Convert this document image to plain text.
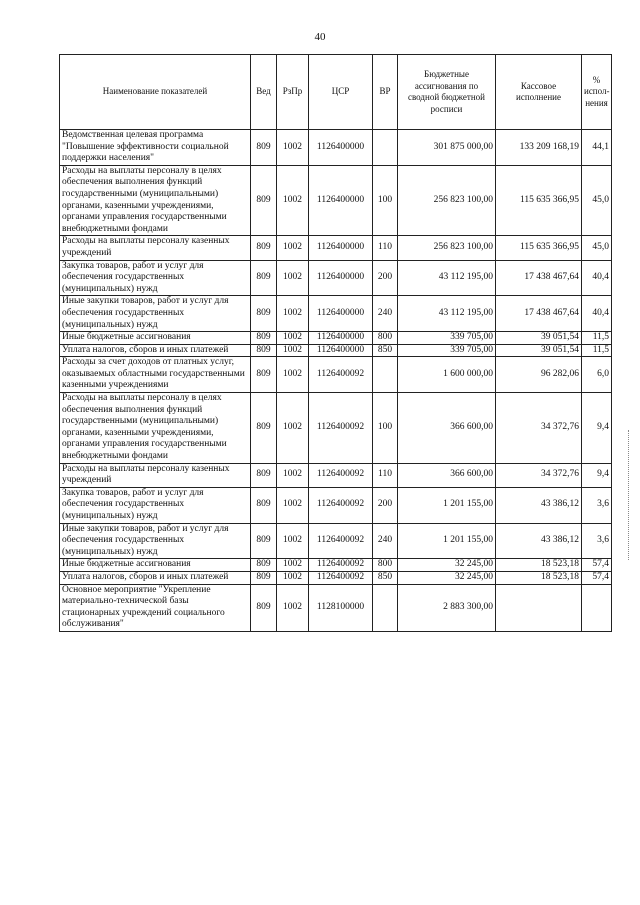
40
Наименование показателей	Вед	РзПр	ЦСР	ВР	Бюджетные ассигнования по сводной бюджетной росписи	Кассовое исполнение	% испол-нения
Ведомственная целевая программа "Повышение эффективности социальной поддержки населения"	809	1002	1126400000		301 875 000,00	133 209 168,19	44,1
Расходы на выплаты персоналу в целях обеспечения выполнения функций государственными (муниципальными) органами, казенными учреждениями, органами управления государственными внебюджетными фондами	809	1002	1126400000	100	256 823 100,00	115 635 366,95	45,0
Расходы на выплаты персоналу казенных учреждений	809	1002	1126400000	110	256 823 100,00	115 635 366,95	45,0
Закупка товаров, работ и услуг для обеспечения государственных (муниципальных) нужд	809	1002	1126400000	200	43 112 195,00	17 438 467,64	40,4
Иные закупки товаров, работ и услуг для обеспечения государственных (муниципальных) нужд	809	1002	1126400000	240	43 112 195,00	17 438 467,64	40,4
Иные бюджетные ассигнования	809	1002	1126400000	800	339 705,00	39 051,54	11,5
Уплата налогов, сборов и иных платежей	809	1002	1126400000	850	339 705,00	39 051,54	11,5
Расходы за счет доходов от платных услуг, оказываемых областными государственными казенными учреждениями	809	1002	1126400092		1 600 000,00	96 282,06	6,0
Расходы на выплаты персоналу в целях обеспечения выполнения функций государственными (муниципальными) органами, казенными учреждениями, органами управления государственными внебюджетными фондами	809	1002	1126400092	100	366 600,00	34 372,76	9,4
Расходы на выплаты персоналу казенных учреждений	809	1002	1126400092	110	366 600,00	34 372,76	9,4
Закупка товаров, работ и услуг для обеспечения государственных (муниципальных) нужд	809	1002	1126400092	200	1 201 155,00	43 386,12	3,6
Иные закупки товаров, работ и услуг для обеспечения государственных (муниципальных) нужд	809	1002	1126400092	240	1 201 155,00	43 386,12	3,6
Иные бюджетные ассигнования	809	1002	1126400092	800	32 245,00	18 523,18	57,4
Уплата налогов, сборов и иных платежей	809	1002	1126400092	850	32 245,00	18 523,18	57,4
Основное мероприятие "Укрепление материально-технической базы стационарных учреждений социального обслуживания"	809	1002	1128100000		2 883 300,00		
